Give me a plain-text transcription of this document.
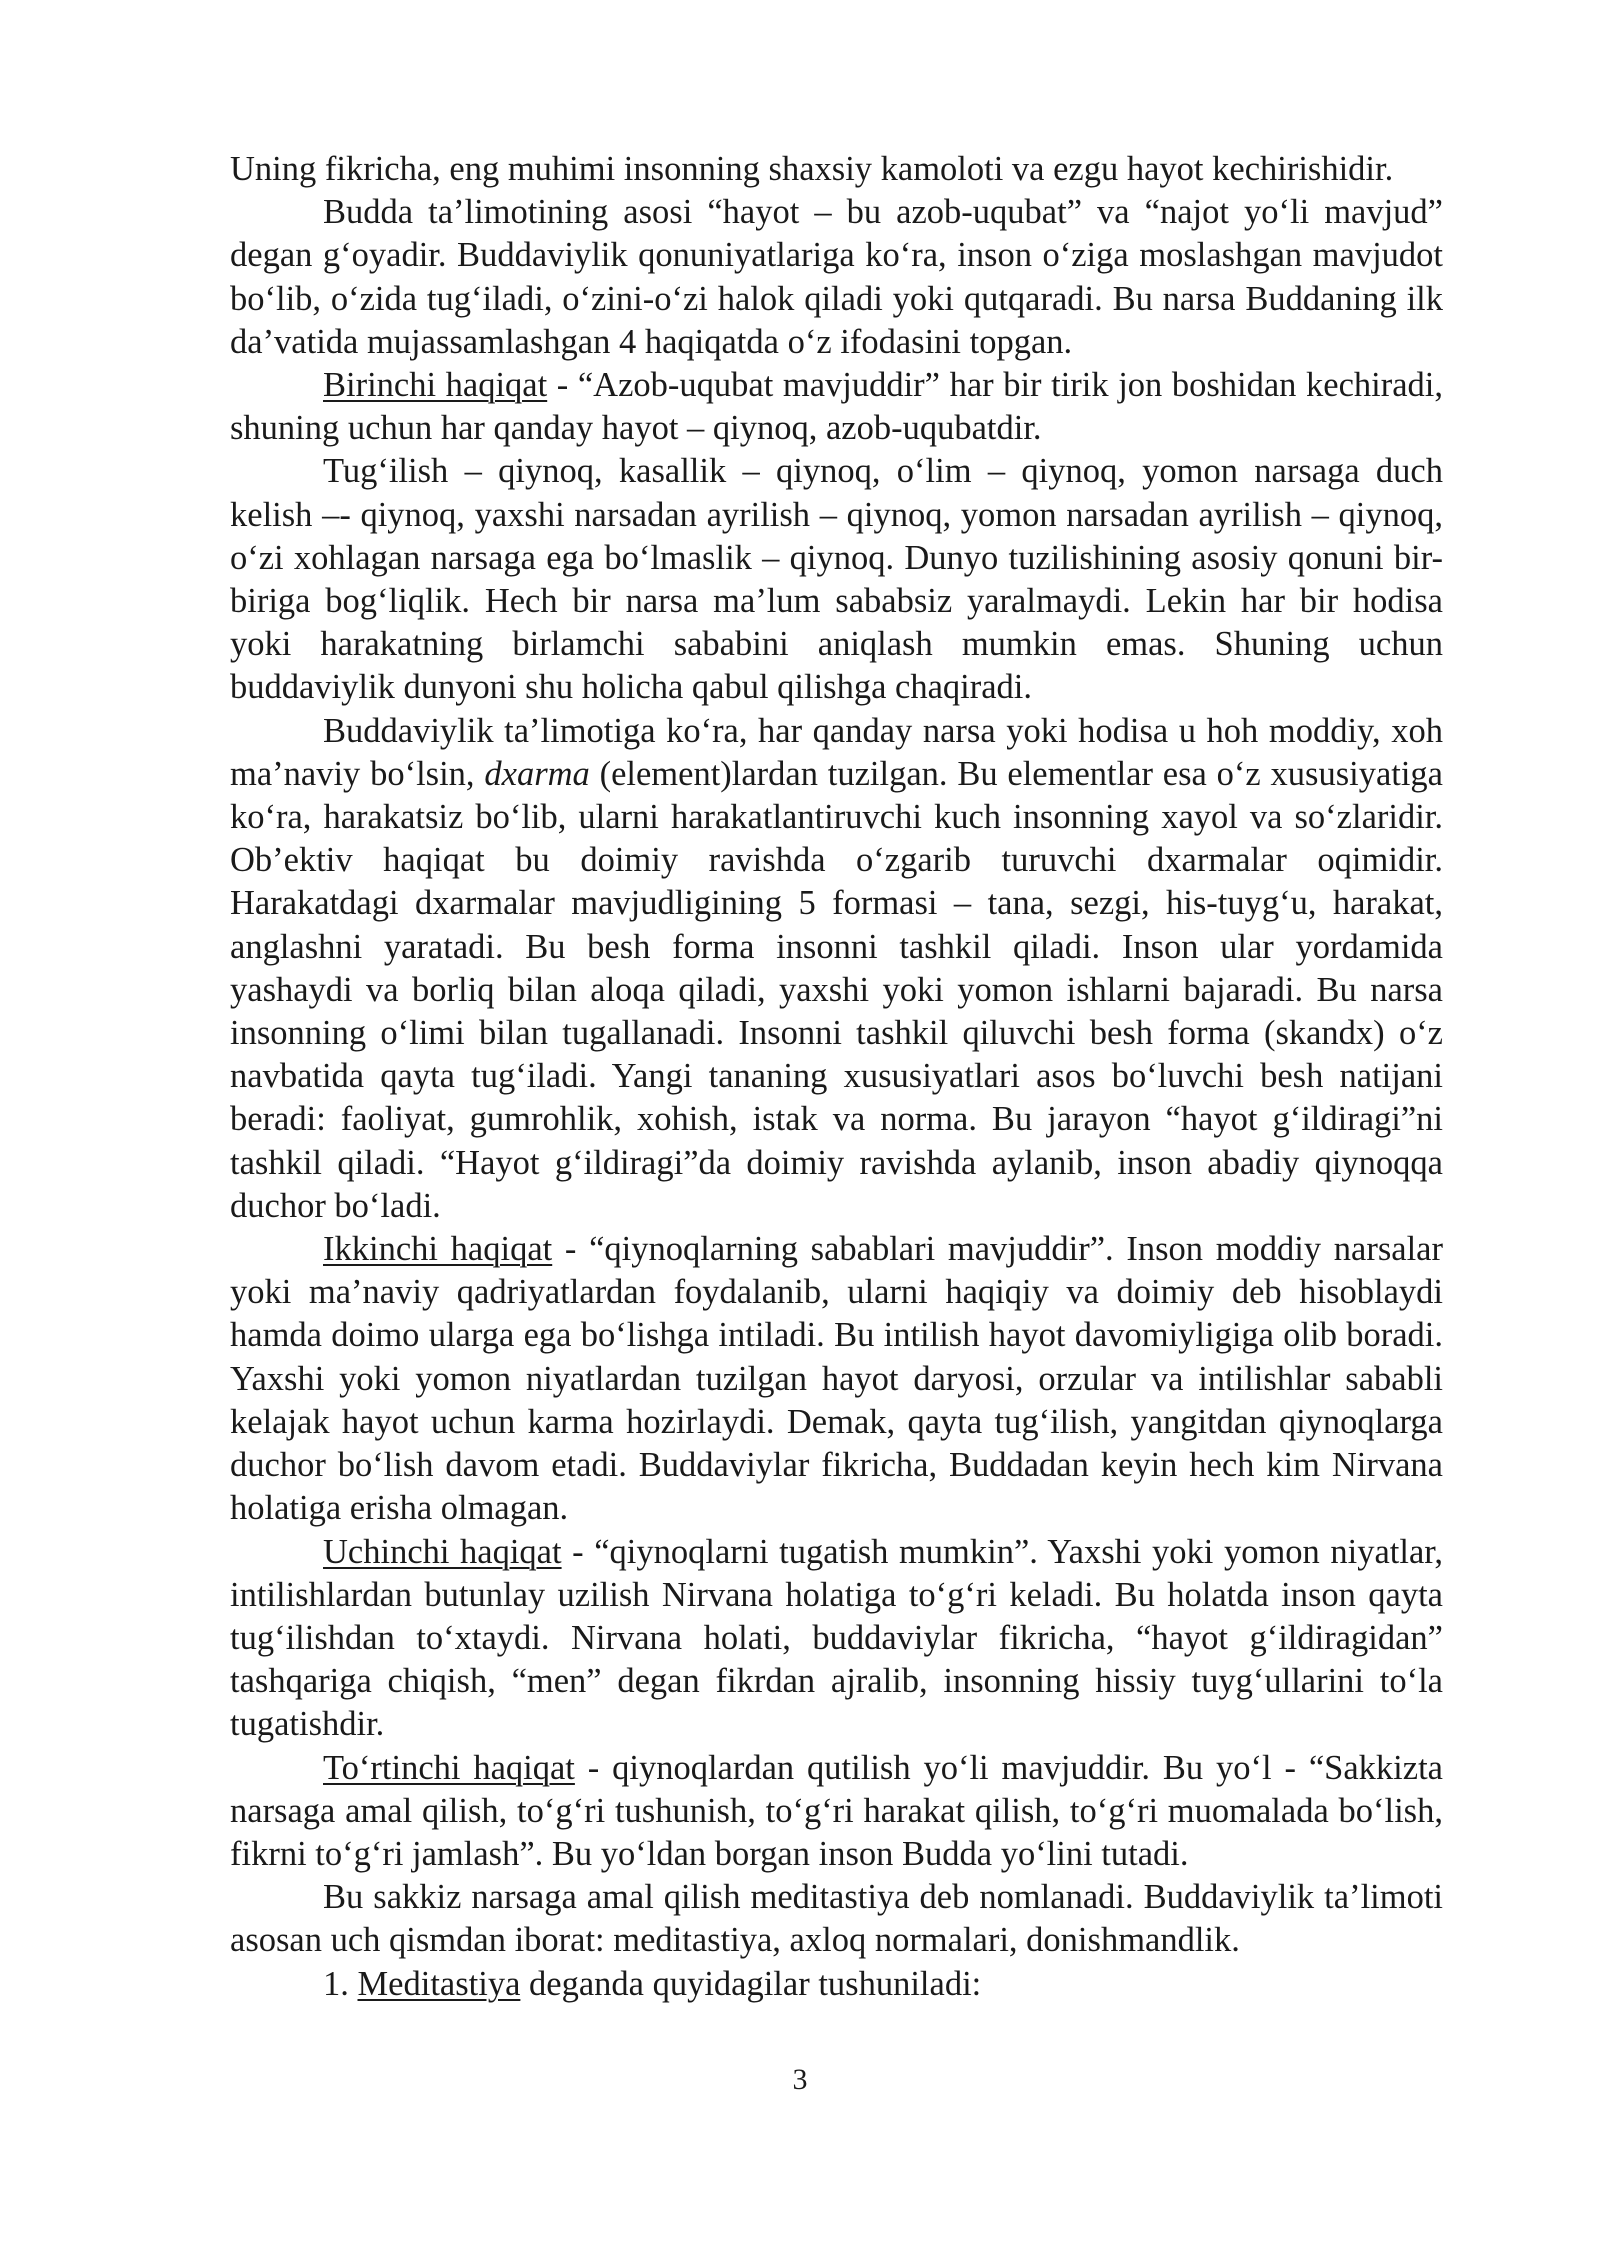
Uning fikricha, eng muhimi insonning shaxsiy kamoloti va ezgu hayot kechirishidir.

Budda ta’limotining asosi “hayot – bu azob-uqubat” va “najot yo‘li mavjud” degan g‘oyadir. Buddaviylik qonuniyatlariga ko‘ra, inson o‘ziga moslashgan mavjudot bo‘lib, o‘zida tug‘iladi, o‘zini-o‘zi halok qiladi yoki qutqaradi. Bu narsa Buddaning ilk da’vatida mujassamlashgan 4 haqiqatda o‘z ifodasini topgan.

Birinchi haqiqat - “Azob-uqubat mavjuddir” har bir tirik jon boshidan kechiradi, shuning uchun har qanday hayot – qiynoq, azob-uqubatdir.

Tug‘ilish – qiynoq, kasallik – qiynoq, o‘lim – qiynoq, yomon narsaga duch kelish –- qiynoq, yaxshi narsadan ayrilish – qiynoq, yomon narsadan ayrilish – qiynoq, o‘zi xohlagan narsaga ega bo‘lmaslik – qiynoq. Dunyo tuzilishining asosiy qonuni bir-biriga bog‘liqlik. Hech bir narsa ma’lum sababsiz yaralmaydi. Lekin har bir hodisa yoki harakatning birlamchi sababini aniqlash mumkin emas. Shuning uchun buddaviylik dunyoni shu holicha qabul qilishga chaqiradi.

Buddaviylik ta’limotiga ko‘ra, har qanday narsa yoki hodisa u hoh moddiy, xoh ma’naviy bo‘lsin, dxarma (element)lardan tuzilgan. Bu elementlar esa o‘z xususiyatiga ko‘ra, harakatsiz bo‘lib, ularni harakatlantiruvchi kuch insonning xayol va so‘zlaridir. Ob’ektiv haqiqat bu doimiy ravishda o‘zgarib turuvchi dxarmalar oqimidir. Harakatdagi dxarmalar mavjudligining 5 formasi – tana, sezgi, his-tuyg‘u, harakat, anglashni yaratadi. Bu besh forma insonni tashkil qiladi. Inson ular yordamida yashaydi va borliq bilan aloqa qiladi, yaxshi yoki yomon ishlarni bajaradi. Bu narsa insonning o‘limi bilan tugallanadi. Insonni tashkil qiluvchi besh forma (skandx) o‘z navbatida qayta tug‘iladi. Yangi tananing xususiyatlari asos bo‘luvchi besh natijani beradi: faoliyat, gumrohlik, xohish, istak va norma. Bu jarayon “hayot g‘ildiragi”ni tashkil qiladi. “Hayot g‘ildiragi”da doimiy ravishda aylanib, inson abadiy qiynoqqa duchor bo‘ladi.

Ikkinchi haqiqat - “qiynoqlarning sabablari mavjuddir”. Inson moddiy narsalar yoki ma’naviy qadriyatlardan foydalanib, ularni haqiqiy va doimiy deb hisoblaydi hamda doimo ularga ega bo‘lishga intiladi. Bu intilish hayot davomiyligiga olib boradi. Yaxshi yoki yomon niyatlardan tuzilgan hayot daryosi, orzular va intilishlar sababli kelajak hayot uchun karma hozirlaydi. Demak, qayta tug‘ilish, yangitdan qiynoqlarga duchor bo‘lish davom etadi. Buddaviylar fikricha, Buddadan keyin hech kim Nirvana holatiga erisha olmagan.

Uchinchi haqiqat - “qiynoqlarni tugatish mumkin”. Yaxshi yoki yomon niyatlar, intilishlardan butunlay uzilish Nirvana holatiga to‘g‘ri keladi. Bu holatda inson qayta tug‘ilishdan to‘xtaydi. Nirvana holati, buddaviylar fikricha, “hayot g‘ildiragidan” tashqariga chiqish, “men” degan fikrdan ajralib, insonning hissiy tuyg‘ullarini to‘la tugatishdir.

To‘rtinchi haqiqat - qiynoqlardan qutilish yo‘li mavjuddir. Bu yo‘l - “Sakkizta narsaga amal qilish, to‘g‘ri tushunish, to‘g‘ri harakat qilish, to‘g‘ri muomalada bo‘lish, fikrni to‘g‘ri jamlash”. Bu yo‘ldan borgan inson Budda yo‘lini tutadi.

Bu sakkiz narsaga amal qilish meditastiya deb nomlanadi. Buddaviylik ta’limoti asosan uch qismdan iborat: meditastiya, axloq normalari, donishmandlik.

1. Meditastiya deganda quyidagilar tushuniladi:

3
